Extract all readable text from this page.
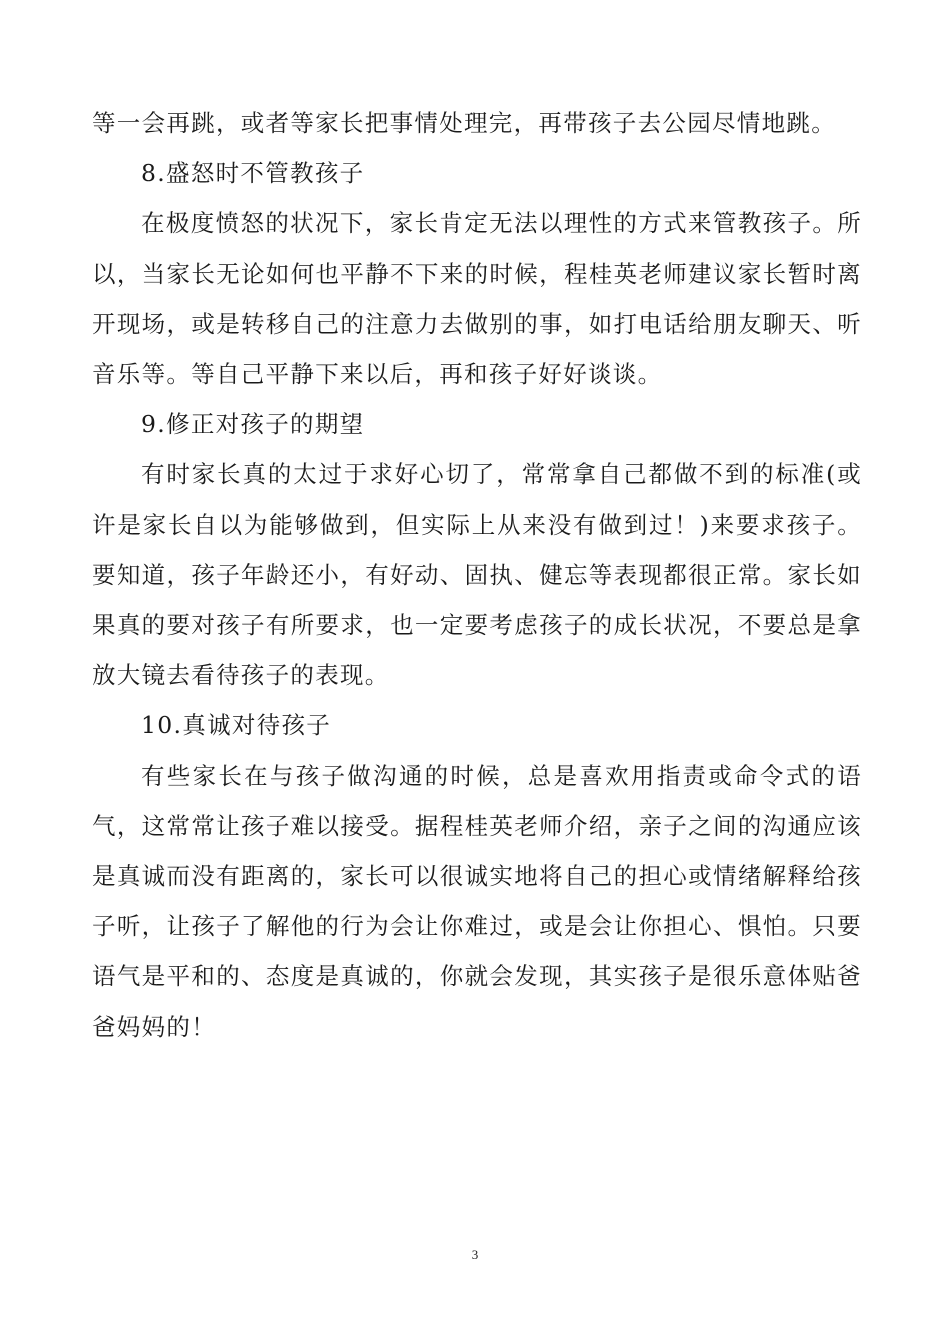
等一会再跳，或者等家长把事情处理完，再带孩子去公园尽情地跳。

8.盛怒时不管教孩子

在极度愤怒的状况下，家长肯定无法以理性的方式来管教孩子。所以，当家长无论如何也平静不下来的时候，程桂英老师建议家长暂时离开现场，或是转移自己的注意力去做别的事，如打电话给朋友聊天、听音乐等。等自己平静下来以后，再和孩子好好谈谈。

9.修正对孩子的期望

有时家长真的太过于求好心切了，常常拿自己都做不到的标准(或许是家长自以为能够做到，但实际上从来没有做到过！)来要求孩子。要知道，孩子年龄还小，有好动、固执、健忘等表现都很正常。家长如果真的要对孩子有所要求，也一定要考虑孩子的成长状况，不要总是拿放大镜去看待孩子的表现。

10.真诚对待孩子

有些家长在与孩子做沟通的时候，总是喜欢用指责或命令式的语气，这常常让孩子难以接受。据程桂英老师介绍，亲子之间的沟通应该是真诚而没有距离的，家长可以很诚实地将自己的担心或情绪解释给孩子听，让孩子了解他的行为会让你难过，或是会让你担心、惧怕。只要语气是平和的、态度是真诚的，你就会发现，其实孩子是很乐意体贴爸爸妈妈的！

3
